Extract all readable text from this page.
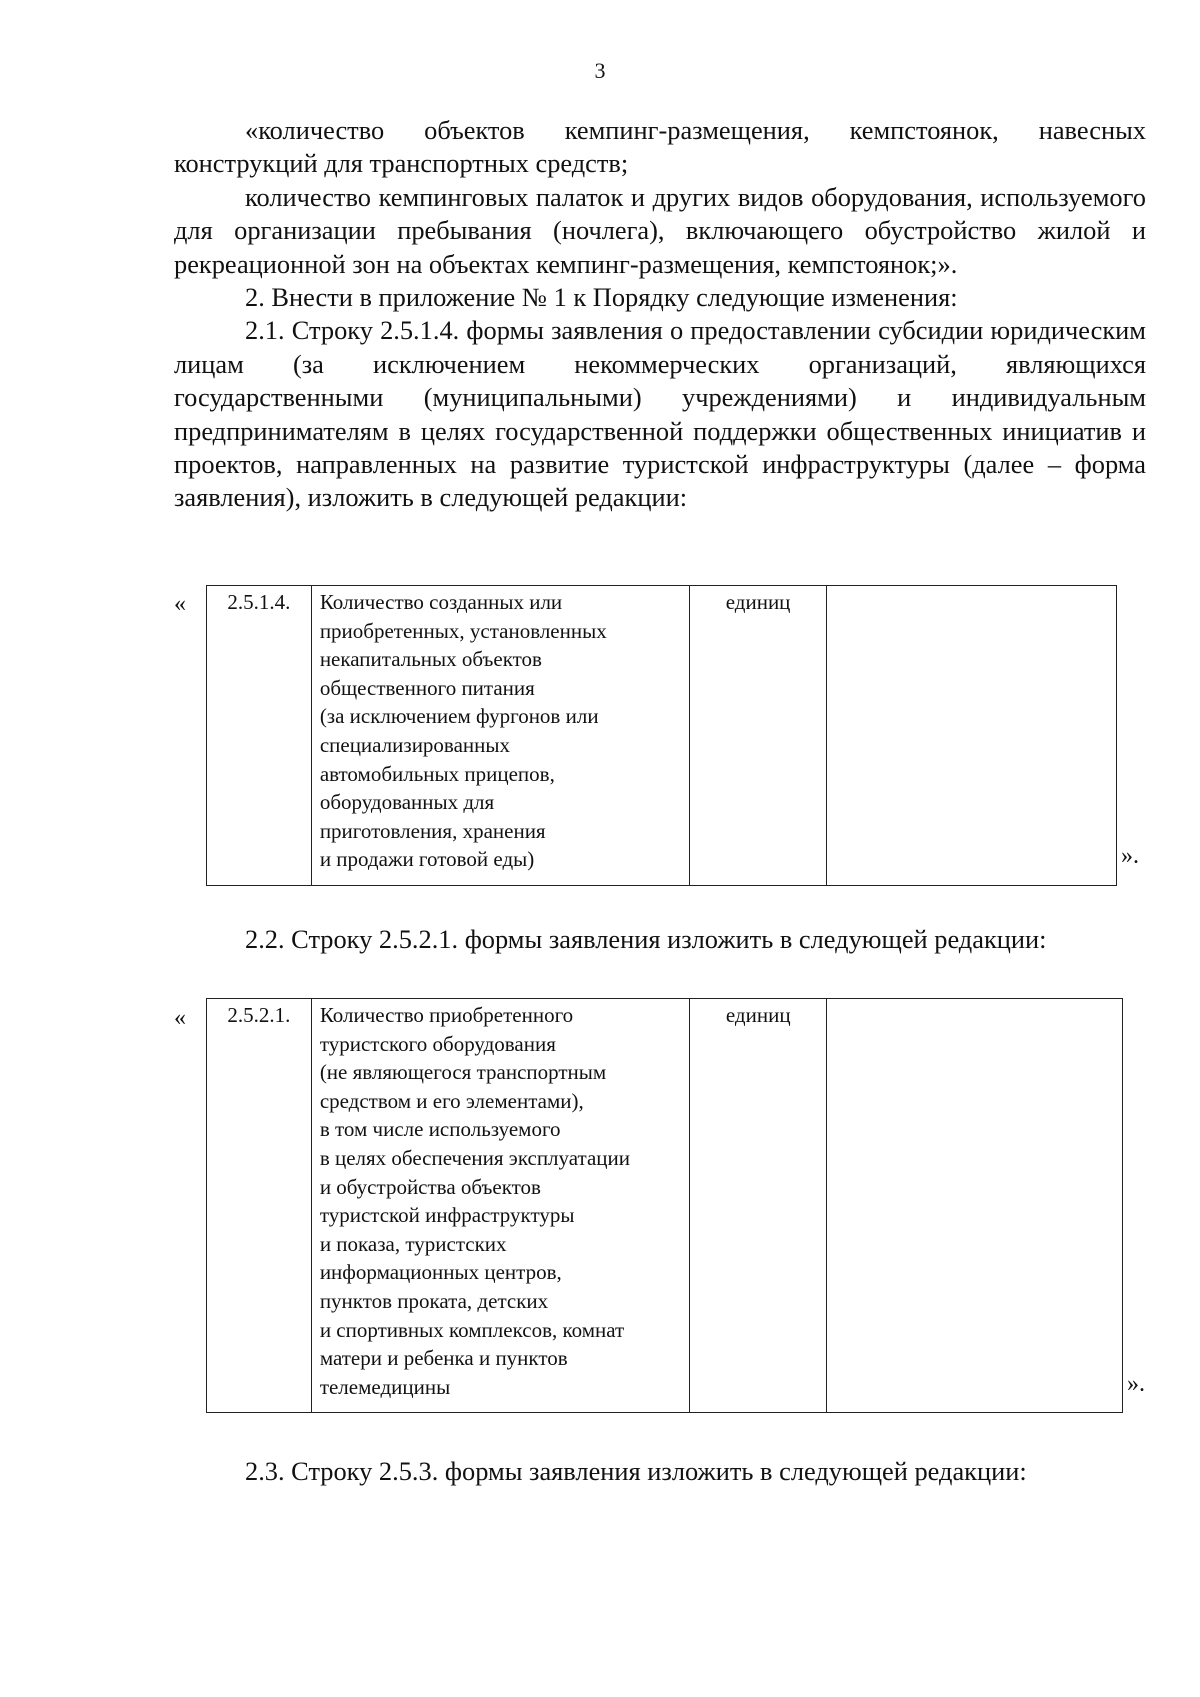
3

«количество объектов кемпинг-размещения, кемпстоянок, навесных конструкций для транспортных средств;

количество кемпинговых палаток и других видов оборудования, используемого для организации пребывания (ночлега), включающего обустройство жилой и рекреационной зон на объектах кемпинг-размещения, кемпстоянок;».

2. Внести в приложение № 1 к Порядку следующие изменения:

2.1. Строку 2.5.1.4. формы заявления о предоставлении субсидии юридическим лицам (за исключением некоммерческих организаций, являющихся государственными (муниципальными) учреждениями) и индивидуальным предпринимателям в целях государственной поддержки общественных инициатив и проектов, направленных на развитие туристской инфраструктуры (далее – форма заявления), изложить в следующей редакции:

« 2.5.1.4.	Количество созданных или
приобретенных, установленных
некапитальных объектов
общественного питания
(за исключением фургонов или
специализированных
автомобильных прицепов,
оборудованных для
приготовления, хранения
и продажи готовой еды)
	единиц	
».
2.2. Строку 2.5.2.1. формы заявления изложить в следующей редакции:
« 2.5.2.1.	Количество приобретенного
туристского оборудования
(не являющегося транспортным
средством и его элементами),
в том числе используемого
в целях обеспечения эксплуатации
и обустройства объектов
туристской инфраструктуры
и показа, туристских
информационных центров,
пунктов проката, детских
и спортивных комплексов, комнат
матери и ребенка и пунктов
телемедицины
	единиц	
».
2.3. Строку 2.5.3. формы заявления изложить в следующей редакции:
